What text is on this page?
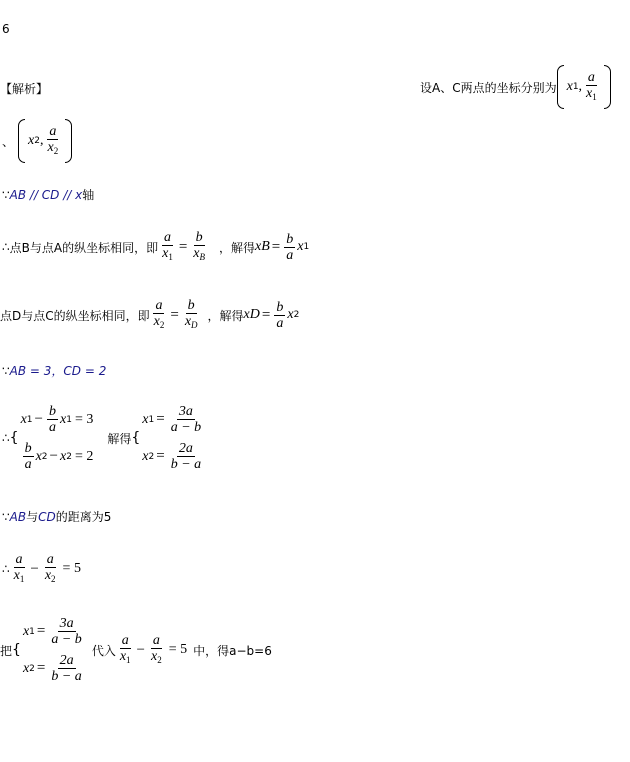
6
【解析】	设A、C两点的坐标分别为 x 1 , $\frac{a}{x_1}$
、 x 2 , $\frac{a}{x_2}$
∵AB // CD // x轴
∴ 点B与点A的纵坐标相同，即 $\frac{a}{x_1} = \frac{b}{x_B}$ ，解得 x $B = \frac{b}{a}$ x 1
点D与点C的纵坐标相同，即 $\frac{a}{x_2} = \frac{b}{x_D}$ ，解得 x $D = \frac{b}{a}$ x 2
∵AB = 3，CD = 2
∴ {
x $1 - \frac{b}{a}$ x 1 = 3
$\frac{b}{a}$ x 2 − x 2 = 2
解得 {
x $1 = \frac{3a}{a - b}$
x $2 = \frac{2a}{b - a}$
∵AB与CD的距离为5
∴ $\frac{a}{x_1} - \frac{a}{x_2} = 5$
把 {
x $1 = \frac{3a}{a - b}$
x $2 = \frac{2a}{b - a}$
代入 $\frac{a}{x_1} - \frac{a}{x_2} = 5$ 中，得a−b=6
